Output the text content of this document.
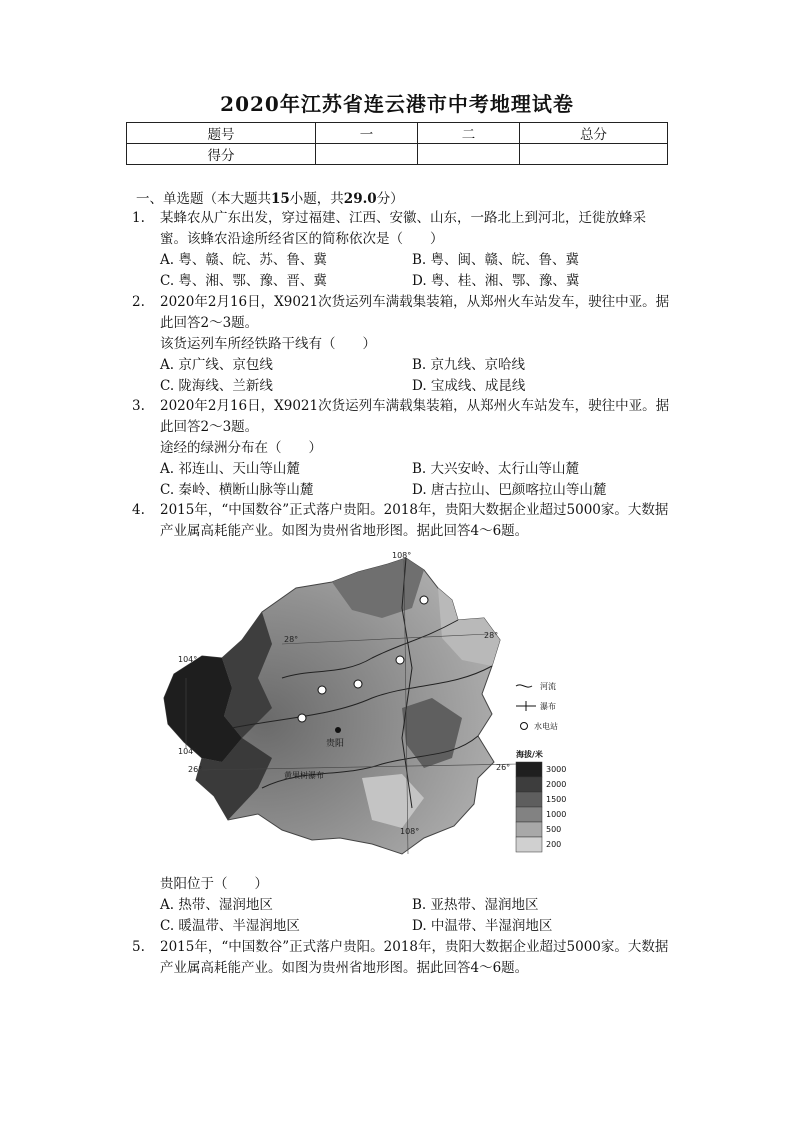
2020年江苏省连云港市中考地理试卷
题号	一	二	总分
得分			
一、单选题（本大题共15小题，共29.0分）
1.	某蜂农从广东出发，穿过福建、江西、安徽、山东，一路北上到河北，迁徙放蜂采蜜。该蜂农沿途所经省区的简称依次是（　　）
A. 粤、赣、皖、苏、鲁、冀	B. 粤、闽、赣、皖、鲁、冀
C. 粤、湘、鄂、豫、晋、冀	D. 粤、桂、湘、鄂、豫、冀
2.	2020年2月16日，X9021次货运列车满载集装箱，从郑州火车站发车，驶往中亚。据此回答2～3题。
该货运列车所经铁路干线有（　　）
A. 京广线、京包线	B. 京九线、京哈线
C. 陇海线、兰新线	D. 宝成线、成昆线
3.	2020年2月16日，X9021次货运列车满载集装箱，从郑州火车站发车，驶往中亚。据此回答2～3题。
途经的绿洲分布在（　　）
A. 祁连山、天山等山麓	B. 大兴安岭、太行山等山麓
C. 秦岭、横断山脉等山麓	D. 唐古拉山、巴颜喀拉山等山麓
4.	2015年，“中国数谷”正式落户贵阳。2018年，贵阳大数据企业超过5000家。大数据产业属高耗能产业。如图为贵州省地形图。据此回答4～6题。
108°
104°
104°
108°
28°	28°
26°	26°
贵阳
黄果树瀑布
河流
瀑布
水电站
海拔/米
3000
2000
1500
1000
500
200
贵阳位于（　　）
A. 热带、湿润地区	B. 亚热带、湿润地区
C. 暖温带、半湿润地区	D. 中温带、半湿润地区
5.	2015年，“中国数谷”正式落户贵阳。2018年，贵阳大数据企业超过5000家。大数据产业属高耗能产业。如图为贵州省地形图。据此回答4～6题。
